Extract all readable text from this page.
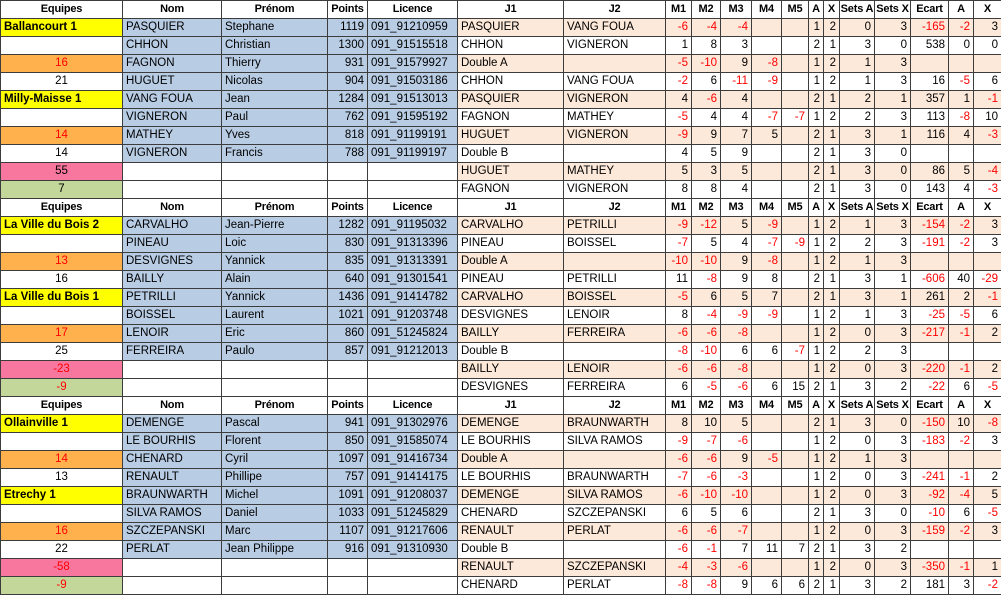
Equipes	Nom	Prénom	Points	Licence	J1	J2	M1	M2	M3	M4	M5	A	X	Sets A	Sets X	Ecart	A	X
Ballancourt 1	PASQUIER	Stephane	1119	091_91210959	PASQUIER	VANG FOUA	-6	-4	-4			1	2	0	3	-165	-2	3
	CHHON	Christian	1300	091_91515518	CHHON	VIGNERON	1	8	3			2	1	3	0	538	0	0
16	FAGNON	Thierry	931	091_91579927	Double A		-5	-10	9	-8		1	2	1	3			
21	HUGUET	Nicolas	904	091_91503186	CHHON	VANG FOUA	-2	6	-11	-9		1	2	1	3	16	-5	6
Milly-Maisse 1	VANG FOUA	Jean	1284	091_91513013	PASQUIER	VIGNERON	4	-6	4			2	1	2	1	357	1	-1
	VIGNERON	Paul	762	091_91595192	FAGNON	MATHEY	-5	4	4	-7	-7	1	2	2	3	113	-8	10
14	MATHEY	Yves	818	091_91199191	HUGUET	VIGNERON	-9	9	7	5		2	1	3	1	116	4	-3
14	VIGNERON	Francis	788	091_91199197	Double B		4	5	9			2	1	3	0			
55					HUGUET	MATHEY	5	3	5			2	1	3	0	86	5	-4
7					FAGNON	VIGNERON	8	8	4			2	1	3	0	143	4	-3
Equipes	Nom	Prénom	Points	Licence	J1	J2	M1	M2	M3	M4	M5	A	X	Sets A	Sets X	Ecart	A	X
La Ville du Bois 2	CARVALHO	Jean-Pierre	1282	091_91195032	CARVALHO	PETRILLI	-9	-12	5	-9		1	2	1	3	-154	-2	3
	PINEAU	Loic	830	091_91313396	PINEAU	BOISSEL	-7	5	4	-7	-9	1	2	2	3	-191	-2	3
13	DESVIGNES	Yannick	835	091_91313391	Double A		-10	-10	9	-8		1	2	1	3			
16	BAILLY	Alain	640	091_91301541	PINEAU	PETRILLI	11	-8	9	8		2	1	3	1	-606	40	-29
La Ville du Bois 1	PETRILLI	Yannick	1436	091_91414782	CARVALHO	BOISSEL	-5	6	5	7		2	1	3	1	261	2	-1
	BOISSEL	Laurent	1021	091_91203748	DESVIGNES	LENOIR	8	-4	-9	-9		1	2	1	3	-25	-5	6
17	LENOIR	Eric	860	091_51245824	BAILLY	FERREIRA	-6	-6	-8			1	2	0	3	-217	-1	2
25	FERREIRA	Paulo	857	091_91212013	Double B		-8	-10	6	6	-7	1	2	2	3			
-23					BAILLY	LENOIR	-6	-6	-8			1	2	0	3	-220	-1	2
-9					DESVIGNES	FERREIRA	6	-5	-6	6	15	2	1	3	2	-22	6	-5
Equipes	Nom	Prénom	Points	Licence	J1	J2	M1	M2	M3	M4	M5	A	X	Sets A	Sets X	Ecart	A	X
Ollainville 1	DEMENGE	Pascal	941	091_91302976	DEMENGE	BRAUNWARTH	8	10	5			2	1	3	0	-150	10	-8
	LE BOURHIS	Florent	850	091_91585074	LE BOURHIS	SILVA RAMOS	-9	-7	-6			1	2	0	3	-183	-2	3
14	CHENARD	Cyril	1097	091_91416734	Double A		-6	-6	9	-5		1	2	1	3			
13	RENAULT	Phillipe	757	091_91414175	LE BOURHIS	BRAUNWARTH	-7	-6	-3			1	2	0	3	-241	-1	2
Etrechy 1	BRAUNWARTH	Michel	1091	091_91208037	DEMENGE	SILVA RAMOS	-6	-10	-10			1	2	0	3	-92	-4	5
	SILVA RAMOS	Daniel	1033	091_51245829	CHENARD	SZCZEPANSKI	6	5	6			2	1	3	0	-10	6	-5
16	SZCZEPANSKI	Marc	1107	091_91217606	RENAULT	PERLAT	-6	-6	-7			1	2	0	3	-159	-2	3
22	PERLAT	Jean Philippe	916	091_91310930	Double B		-6	-1	7	11	7	2	1	3	2			
-58					RENAULT	SZCZEPANSKI	-4	-3	-6			1	2	0	3	-350	-1	1
-9					CHENARD	PERLAT	-8	-8	9	6	6	2	1	3	2	181	3	-2
